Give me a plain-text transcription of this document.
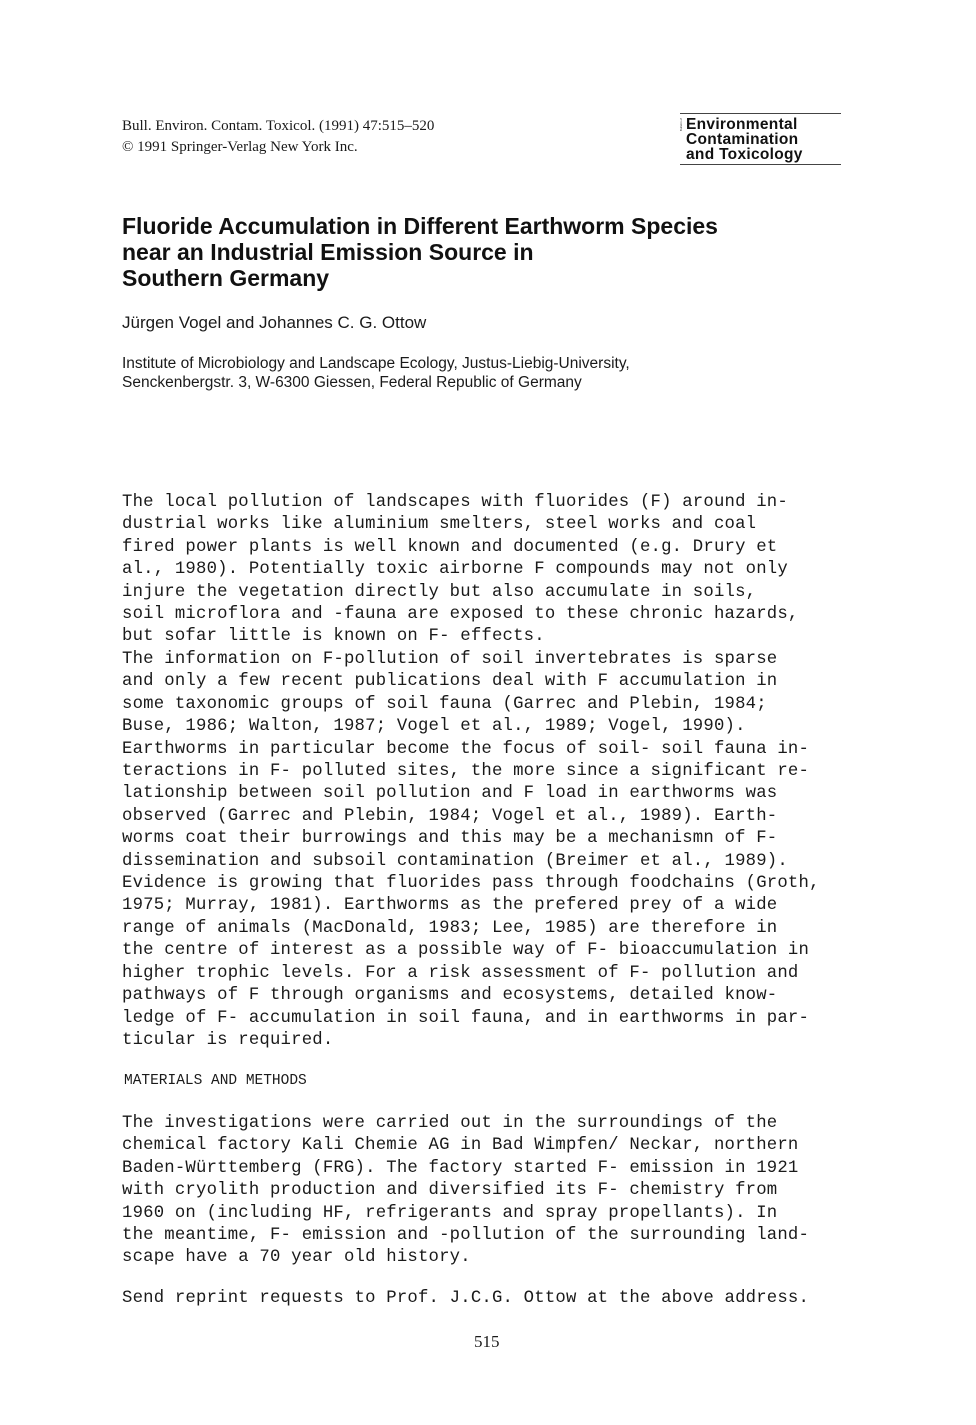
Bull. Environ. Contam. Toxicol. (1991) 47:515–520
© 1991 Springer-Verlag New York Inc.
Bulletin of Environmental
Contamination
and Toxicology
Fluoride Accumulation in Different Earthworm Species
near an Industrial Emission Source in
Southern Germany
Jürgen Vogel and Johannes C. G. Ottow
Institute of Microbiology and Landscape Ecology, Justus-Liebig-University,
Senckenbergstr. 3, W-6300 Giessen, Federal Republic of Germany
The local pollution of landscapes with fluorides (F) around in-
dustrial works like aluminium smelters, steel works and coal
fired power plants is well known and documented (e.g. Drury et
al., 1980). Potentially toxic airborne F compounds may not only
injure the vegetation directly but also accumulate in soils,
soil microflora and -fauna are exposed to these chronic hazards,
but sofar little is known on F- effects.
The information on F-pollution of soil invertebrates is sparse
and only a few recent publications deal with F accumulation in
some taxonomic groups of soil fauna (Garrec and Plebin, 1984;
Buse, 1986; Walton, 1987; Vogel et al., 1989; Vogel, 1990).
Earthworms in particular become the focus of soil- soil fauna in-
teractions in F- polluted sites, the more since a significant re-
lationship between soil pollution and F load in earthworms was
observed (Garrec and Plebin, 1984; Vogel et al., 1989). Earth-
worms coat their burrowings and this may be a mechanismn of F-
dissemination and subsoil contamination (Breimer et al., 1989).
Evidence is growing that fluorides pass through foodchains (Groth,
1975; Murray, 1981). Earthworms as the prefered prey of a wide
range of animals (MacDonald, 1983; Lee, 1985) are therefore in
the centre of interest as a possible way of F- bioaccumulation in
higher trophic levels. For a risk assessment of F- pollution and
pathways of F through organisms and ecosystems, detailed know-
ledge of F- accumulation in soil fauna, and in earthworms in par-
ticular is required.
MATERIALS AND METHODS
The investigations were carried out in the surroundings of the
chemical factory Kali Chemie AG in Bad Wimpfen/ Neckar, northern
Baden-Württemberg (FRG). The factory started F- emission in 1921
with cryolith production and diversified its F- chemistry from
1960 on (including HF, refrigerants and spray propellants). In
the meantime, F- emission and -pollution of the surrounding land-
scape have a 70 year old history.
Send reprint requests to Prof. J.C.G. Ottow at the above address.
515
